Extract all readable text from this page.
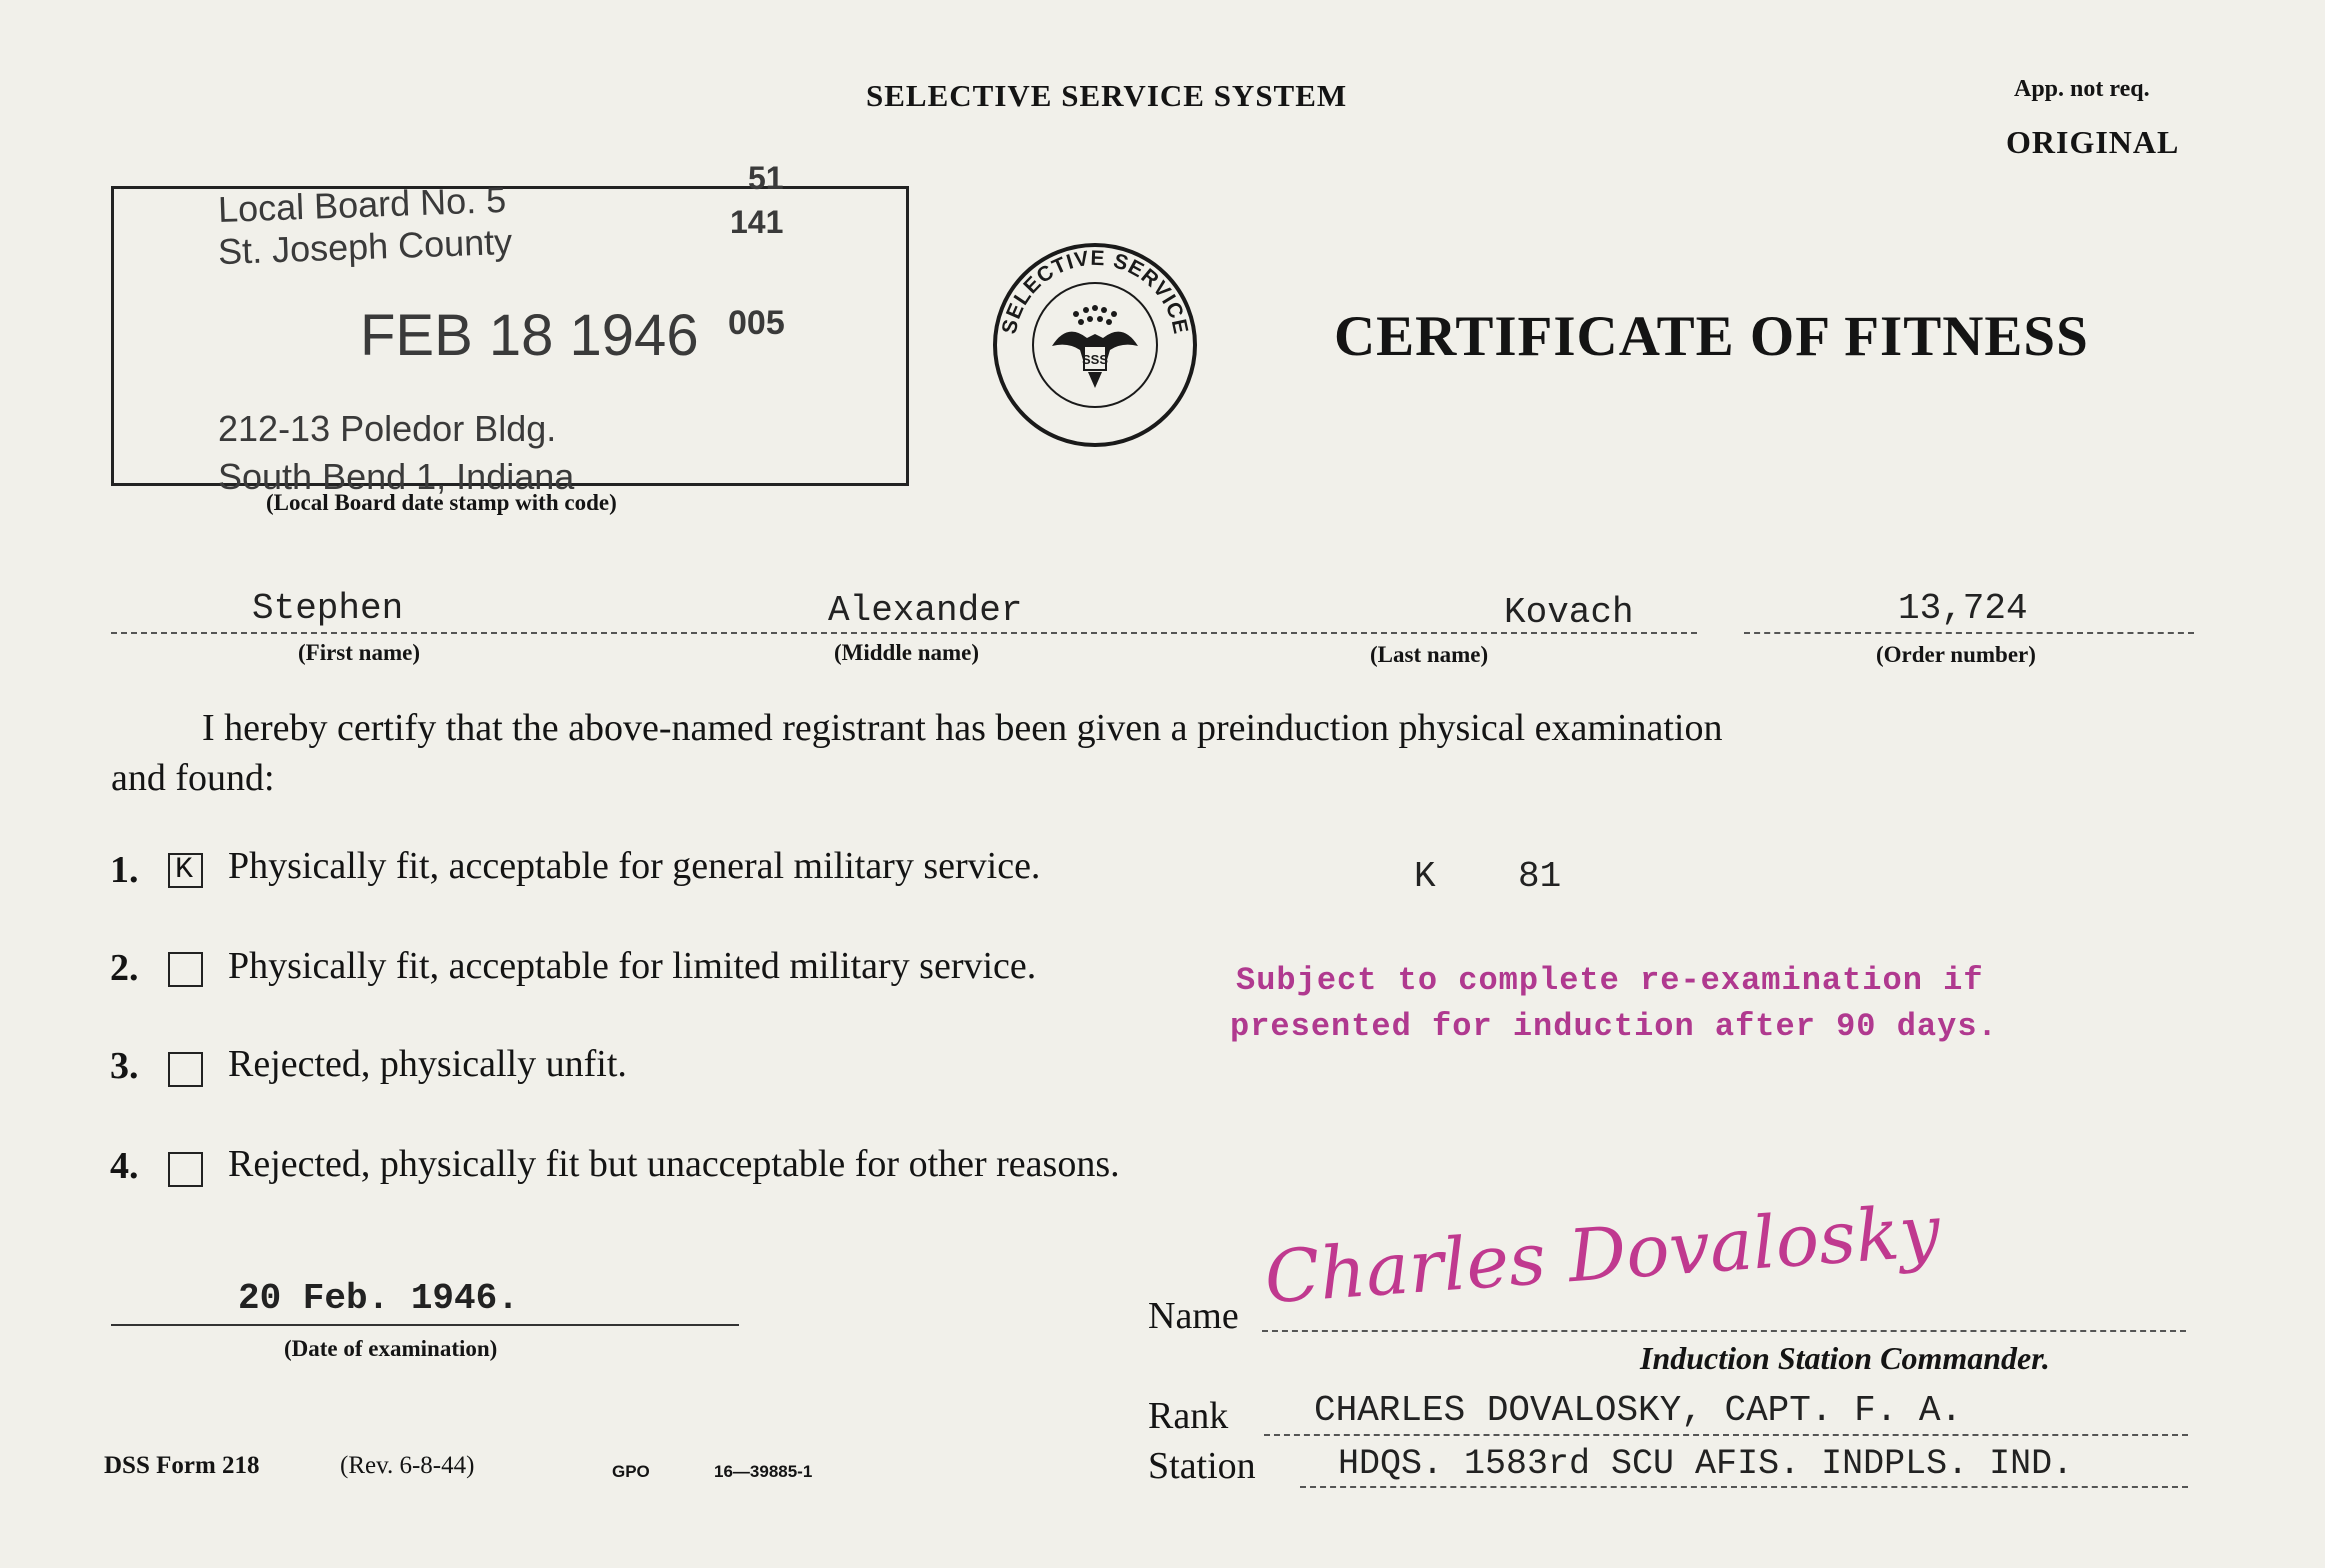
SELECTIVE SERVICE SYSTEM	App. not req.
ORIGINAL
Local Board No. 5
St. Joseph County
FEB 18 1946
212-13 Poledor Bldg.
South Bend 1, Indiana
51
141
005
(Local Board date stamp with code)
SELECTIVE SERVICE
SSS	CERTIFICATE OF FITNESS
Stephen	Alexander	Kovach	13,724
(First name)	(Middle name)	(Last name)	(Order number)
I hereby certify that the above-named registrant has been given a preinduction physical examination
and found:
1. K Physically fit, acceptable for general military service.
2. Physically fit, acceptable for limited military service.
3. Rejected, physically unfit.
4. Rejected, physically fit but unacceptable for other reasons.
K 81
Subject to complete re-examination if
presented for induction after 90 days.
20 Feb. 1946.
(Date of examination)
Name Charles Dovalosky
Induction Station Commander.
Rank CHARLES DOVALOSKY, CAPT. F. A.
Station HDQS. 1583rd SCU AFIS. INDPLS. IND.
DSS Form 218	(Rev. 6-8-44)	GPO	16—39885-1
